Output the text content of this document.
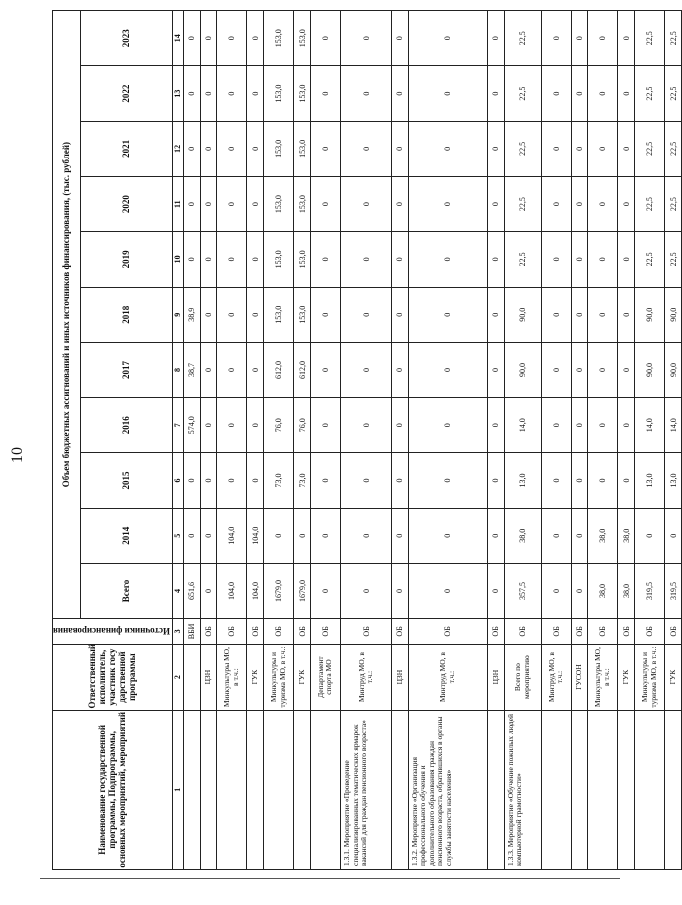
10
Наименование государственной программы, Подпрограммы, основных мероприятий, мероприятий	Ответственный исполнитель, участник госу дарственной программы	Источники финансирования	Объем бюджетных ассигнований и иных источников финансирования, (тыс. рублей)										
			Всего	2014	2015	2016	2017	2018	2019	2020	2021	2022	2023
1	2	3	4	5	6	7	8	9	10	11	12	13	14
		ВБИ	651,6	0	0	574,0	38,7	38,9	0	0	0	0	0
	ЦЗН	ОБ	0	0	0	0	0	0	0	0	0	0	0
	Минкультуры МО, в т.ч.:	ОБ	104,0	104,0	0	0	0	0	0	0	0	0	0
	ГУК	ОБ	104,0	104,0	0	0	0	0	0	0	0	0	0
	Минкультуры и туризма МО, в т.ч.:	ОБ	1679,0	0	73,0	76,0	612,0	153,0	153,0	153,0	153,0	153,0	153,0
	ГУК	ОБ	1679,0	0	73,0	76,0	612,0	153,0	153,0	153,0	153,0	153,0	153,0
	Департамент спорта МО	ОБ	0	0	0	0	0	0	0	0	0	0	0
1.3.1. Мероприятие «Проведение специализированных тематических ярмарок вакансий для граждан пенсионного возраста»	Минтруд МО, в т.ч.:	ОБ	0	0	0	0	0	0	0	0	0	0	0
	ЦЗН	ОБ	0	0	0	0	0	0	0	0	0	0	0
1.3.2. Мероприятие «Организация профессионального обучения и дополнительного образования граждан пенсионного возраста, обратившихся в органы службы занятости населения»	Минтруд МО, в т.ч.:	ОБ	0	0	0	0	0	0	0	0	0	0	0
	ЦЗН	ОБ	0	0	0	0	0	0	0	0	0	0	0
1.3.3. Мероприятие «Обучение пожилых людей компьютерной грамотности»	Всего по мероприятию	ОБ	357,5	38,0	13,0	14,0	90,0	90,0	22,5	22,5	22,5	22,5	22,5
	Минтруд МО, в т.ч.:	ОБ	0	0	0	0	0	0	0	0	0	0	0
	ГУСОН	ОБ	0	0	0	0	0	0	0	0	0	0	0
	Минкультуры МО, в т.ч.:	ОБ	38,0	38,0	0	0	0	0	0	0	0	0	0
	ГУК	ОБ	38,0	38,0	0	0	0	0	0	0	0	0	0
	Минкультуры и туризма МО, в т.ч.:	ОБ	319,5	0	13,0	14,0	90,0	90,0	22,5	22,5	22,5	22,5	22,5
	ГУК	ОБ	319,5	0	13,0	14,0	90,0	90,0	22,5	22,5	22,5	22,5	22,5
